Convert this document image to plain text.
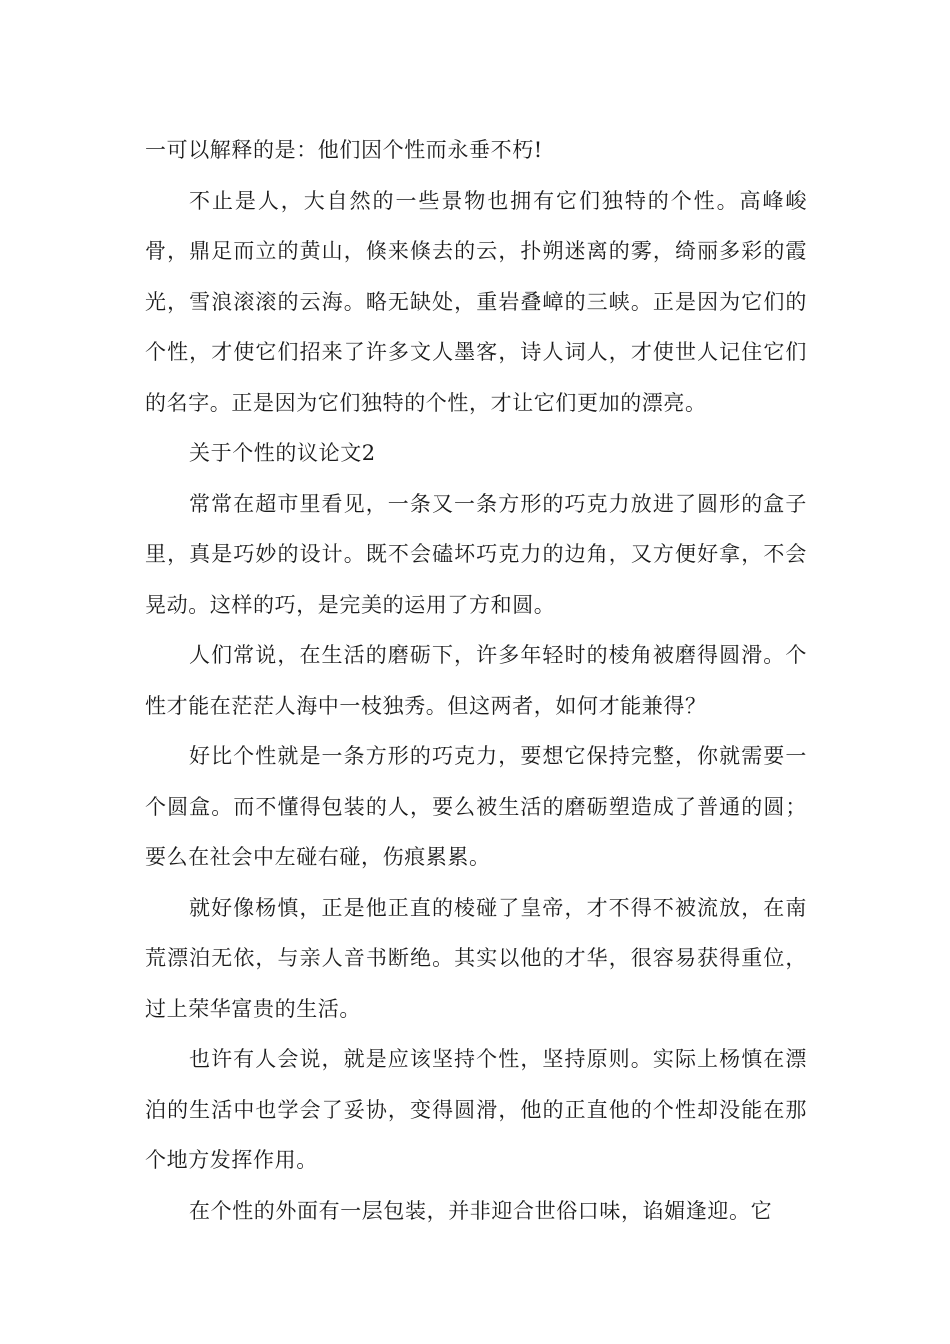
一可以解释的是：他们因个性而永垂不朽!

不止是人，大自然的一些景物也拥有它们独特的个性。高峰峻骨，鼎足而立的黄山，倏来倏去的云，扑朔迷离的雾，绮丽多彩的霞光，雪浪滚滚的云海。略无缺处，重岩叠嶂的三峡。正是因为它们的个性，才使它们招来了许多文人墨客，诗人词人，才使世人记住它们的名字。正是因为它们独特的个性，才让它们更加的漂亮。

关于个性的议论文2

常常在超市里看见，一条又一条方形的巧克力放进了圆形的盒子里，真是巧妙的设计。既不会磕坏巧克力的边角，又方便好拿，不会晃动。这样的巧，是完美的运用了方和圆。

人们常说，在生活的磨砺下，许多年轻时的棱角被磨得圆滑。个性才能在茫茫人海中一枝独秀。但这两者，如何才能兼得？

好比个性就是一条方形的巧克力，要想它保持完整，你就需要一个圆盒。而不懂得包装的人，要么被生活的磨砺塑造成了普通的圆；要么在社会中左碰右碰，伤痕累累。

就好像杨慎，正是他正直的棱碰了皇帝，才不得不被流放，在南荒漂泊无依，与亲人音书断绝。其实以他的才华，很容易获得重位，过上荣华富贵的生活。

也许有人会说，就是应该坚持个性，坚持原则。实际上杨慎在漂泊的生活中也学会了妥协，变得圆滑，他的正直他的个性却没能在那个地方发挥作用。

在个性的外面有一层包装，并非迎合世俗口味，谄媚逢迎。它
